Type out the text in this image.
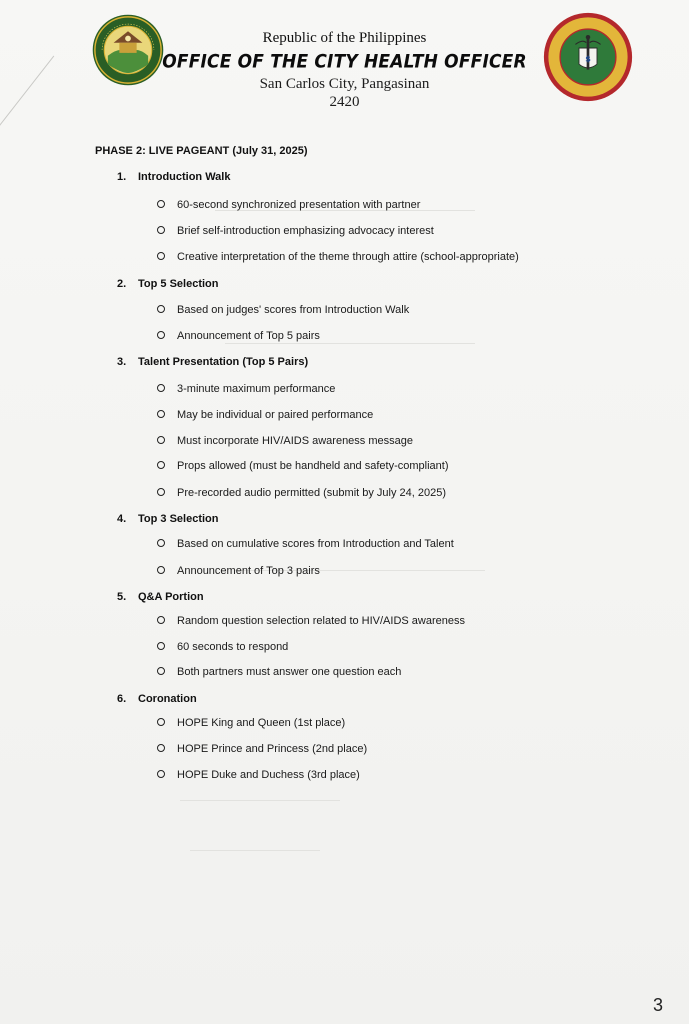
$
Republic of the Philippines
OFFICE OF THE CITY HEALTH OFFICER
San Carlos City, Pangasinan
2420
PHASE 2: LIVE PAGEANT (July 31, 2025)
1. Introduction Walk
60-second synchronized presentation with partner
Brief self-introduction emphasizing advocacy interest
Creative interpretation of the theme through attire (school-appropriate)
2. Top 5 Selection
Based on judges' scores from Introduction Walk
Announcement of Top 5 pairs
3. Talent Presentation (Top 5 Pairs)
3-minute maximum performance
May be individual or paired performance
Must incorporate HIV/AIDS awareness message
Props allowed (must be handheld and safety-compliant)
Pre-recorded audio permitted (submit by July 24, 2025)
4. Top 3 Selection
Based on cumulative scores from Introduction and Talent
Announcement of Top 3 pairs
5. Q&A Portion
Random question selection related to HIV/AIDS awareness
60 seconds to respond
Both partners must answer one question each
6. Coronation
HOPE King and Queen (1st place)
HOPE Prince and Princess (2nd place)
HOPE Duke and Duchess (3rd place)
3
